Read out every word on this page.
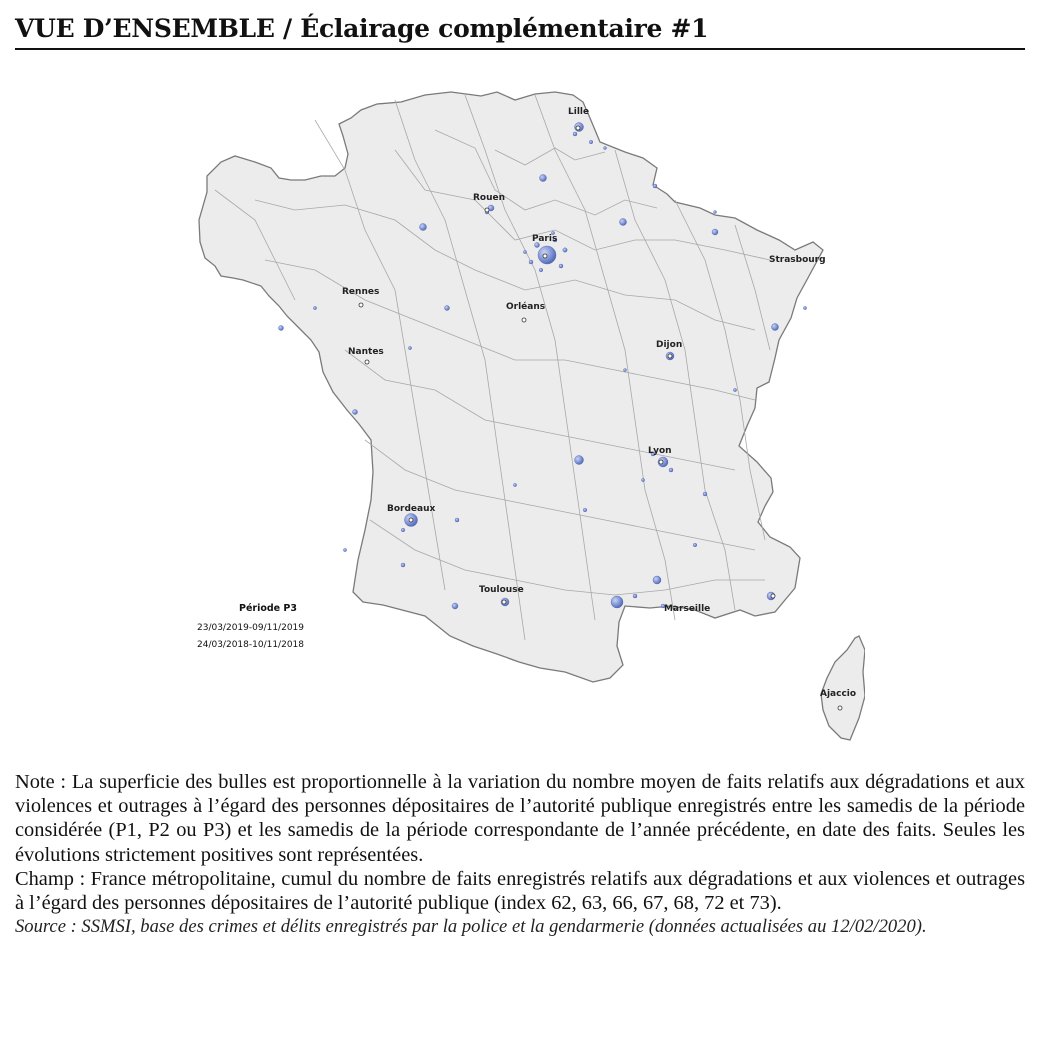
VUE D’ENSEMBLE / Éclairage complémentaire #1
Lille
Rouen
Paris
Strasbourg
Rennes
Orléans
Nantes
Dijon
Lyon
Bordeaux
Toulouse
Marseille
Ajaccio
Période P3
23/03/2019-09/11/2019
24/03/2018-10/11/2018

Note : La superficie des bulles est proportionnelle à la variation du nombre moyen de faits relatifs aux dégradations et aux violences et outrages à l’égard des personnes dépositaires de l’autorité publique enregistrés entre les samedis de la période considérée (P1, P2 ou P3) et les samedis de la période correspondante de l’année précédente, en date des faits. Seules les évolutions strictement positives sont représentées.

Champ : France métropolitaine, cumul du nombre de faits enregistrés relatifs aux dégradations et aux violences et outrages à l’égard des personnes dépositaires de l’autorité publique (index 62, 63, 66, 67, 68, 72 et 73).

Source : SSMSI, base des crimes et délits enregistrés par la police et la gendarmerie (données actualisées au 12/02/2020).
